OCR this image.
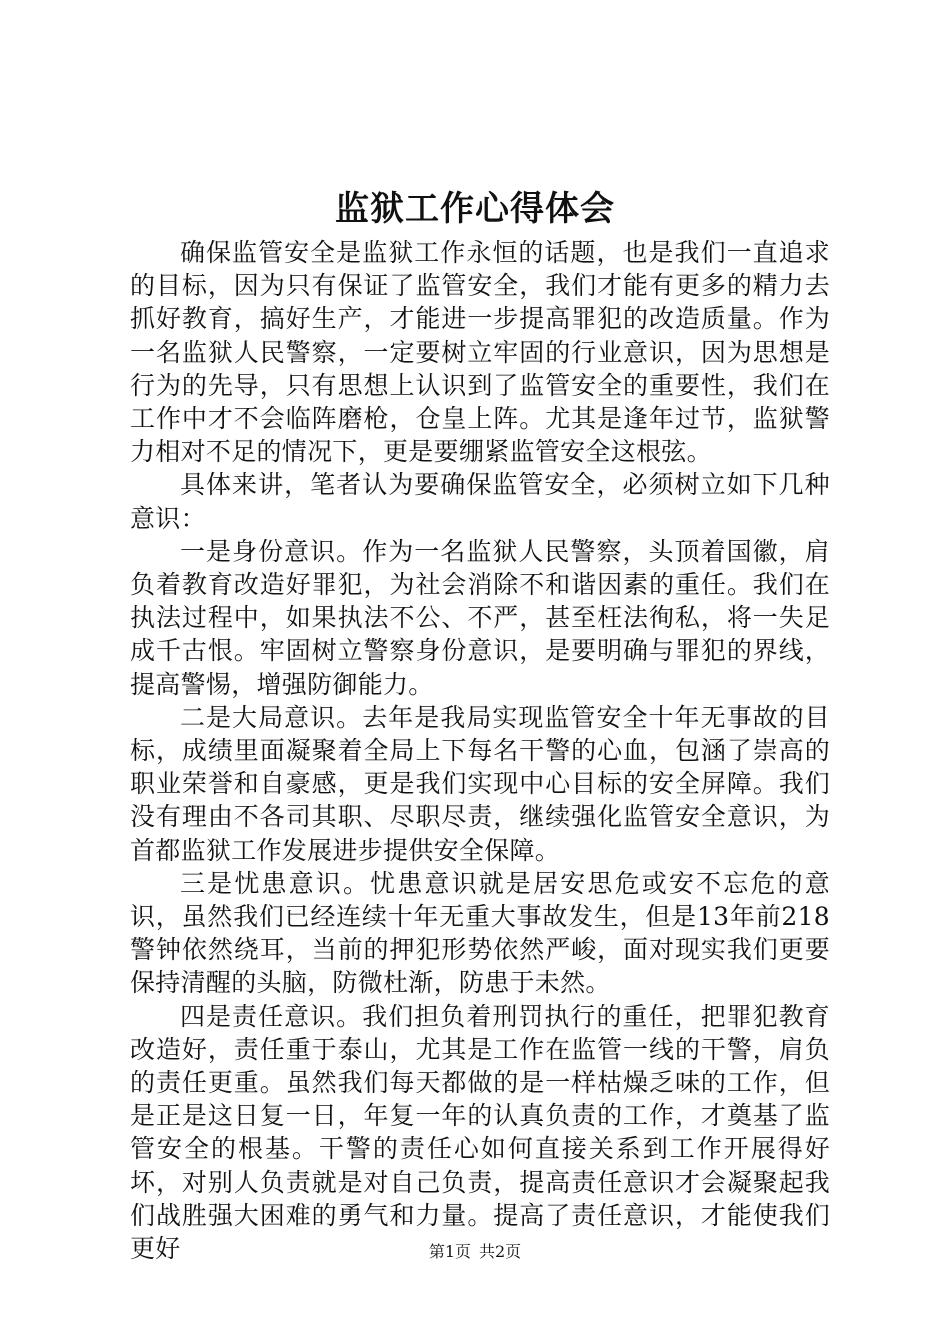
监狱工作心得体会

确保监管安全是监狱工作永恒的话题，也是我们一直追求的目标，因为只有保证了监管安全，我们才能有更多的精力去抓好教育，搞好生产，才能进一步提高罪犯的改造质量。作为一名监狱人民警察，一定要树立牢固的行业意识，因为思想是行为的先导，只有思想上认识到了监管安全的重要性，我们在工作中才不会临阵磨枪，仓皇上阵。尤其是逢年过节，监狱警力相对不足的情况下，更是要绷紧监管安全这根弦。

具体来讲，笔者认为要确保监管安全，必须树立如下几种意识：

一是身份意识。作为一名监狱人民警察，头顶着国徽，肩负着教育改造好罪犯，为社会消除不和谐因素的重任。我们在执法过程中，如果执法不公、不严，甚至枉法徇私，将一失足成千古恨。牢固树立警察身份意识，是要明确与罪犯的界线，提高警惕，增强防御能力。

二是大局意识。去年是我局实现监管安全十年无事故的目标，成绩里面凝聚着全局上下每名干警的心血，包涵了崇高的职业荣誉和自豪感，更是我们实现中心目标的安全屏障。我们没有理由不各司其职、尽职尽责，继续强化监管安全意识，为首都监狱工作发展进步提供安全保障。

三是忧患意识。忧患意识就是居安思危或安不忘危的意识，虽然我们已经连续十年无重大事故发生，但是13年前218警钟依然绕耳，当前的押犯形势依然严峻，面对现实我们更要保持清醒的头脑，防微杜渐，防患于未然。

四是责任意识。我们担负着刑罚执行的重任，把罪犯教育改造好，责任重于泰山，尤其是工作在监管一线的干警，肩负的责任更重。虽然我们每天都做的是一样枯燥乏味的工作，但是正是这日复一日，年复一年的认真负责的工作，才奠基了监管安全的根基。干警的责任心如何直接关系到工作开展得好坏，对别人负责就是对自己负责，提高责任意识才会凝聚起我们战胜强大困难的勇气和力量。提高了责任意识，才能使我们更好	第1页 共2页
